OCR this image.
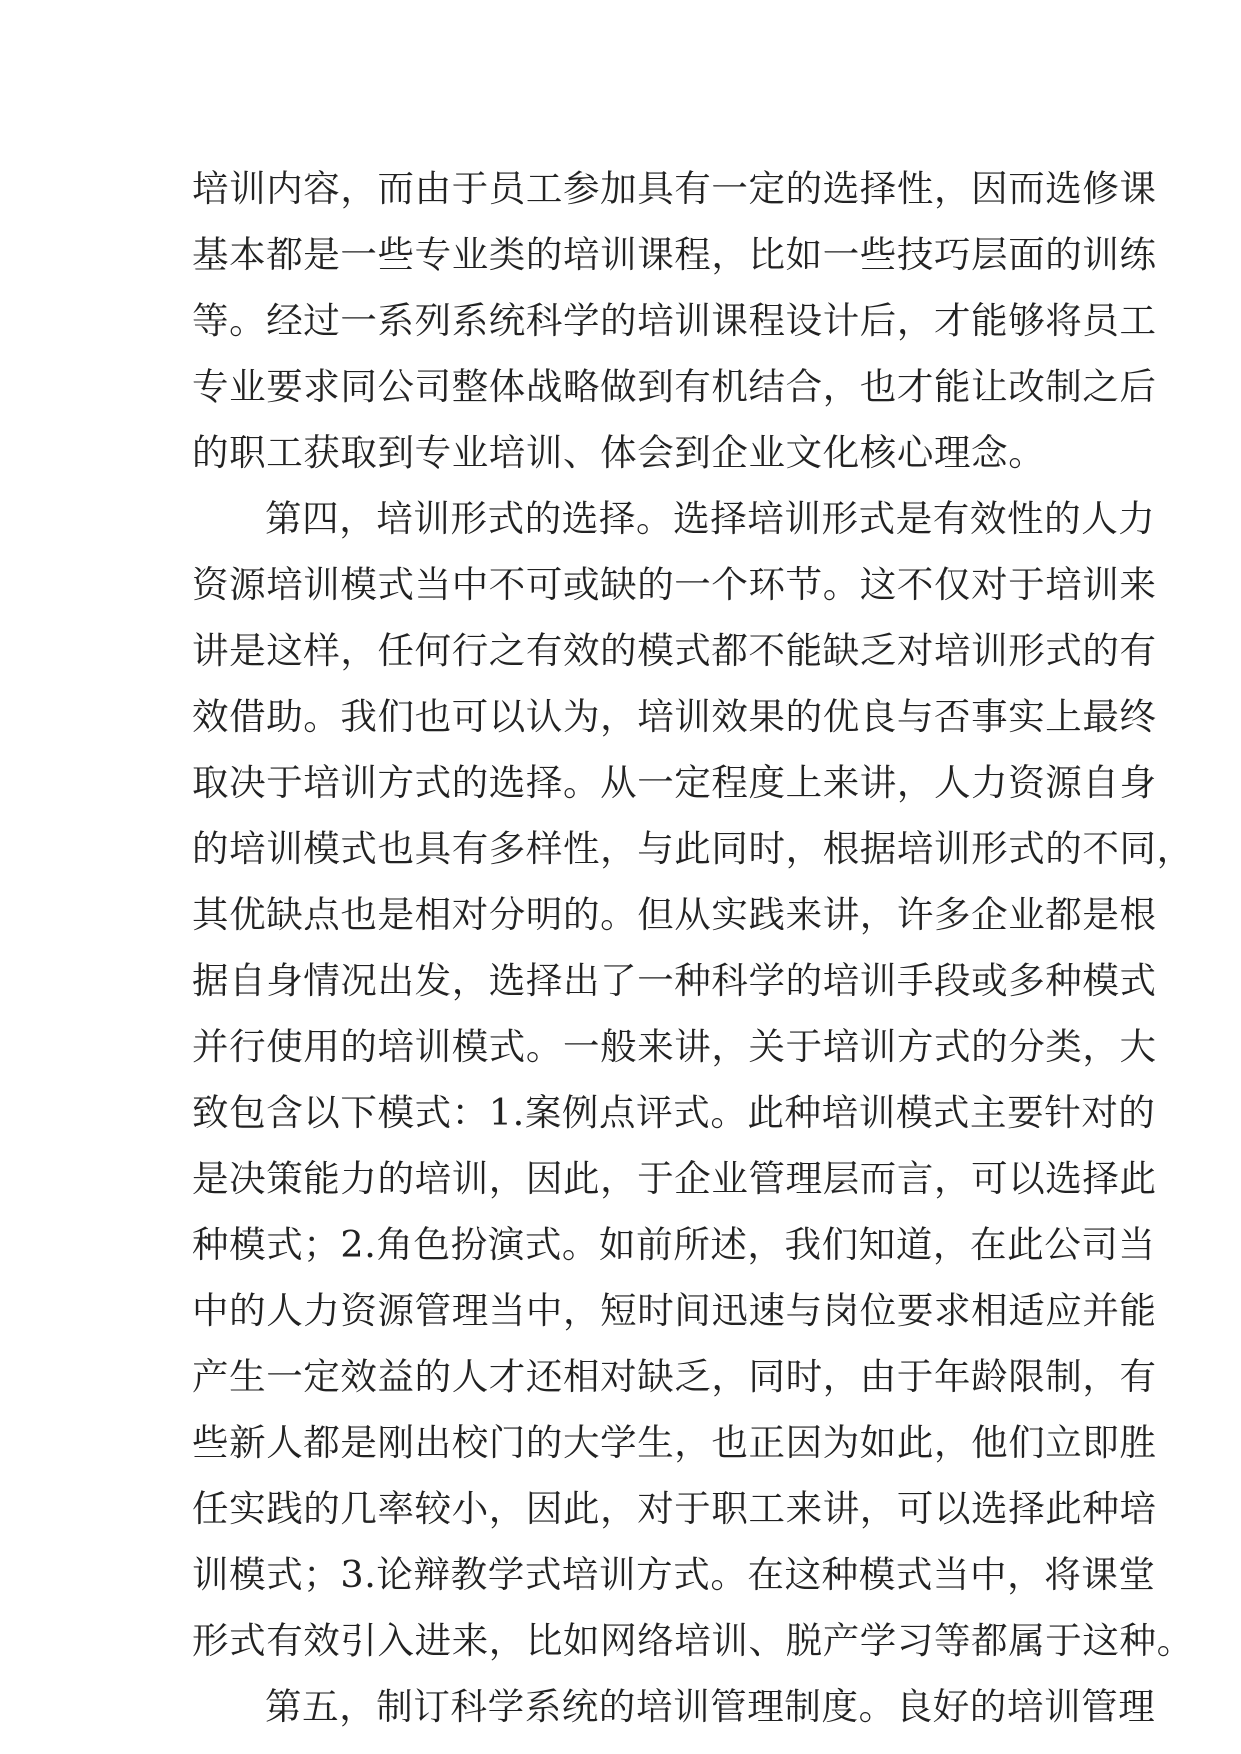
培训内容，而由于员工参加具有一定的选择性，因而选修课
基本都是一些专业类的培训课程，比如一些技巧层面的训练
等。经过一系列系统科学的培训课程设计后，才能够将员工
专业要求同公司整体战略做到有机结合，也才能让改制之后
的职工获取到专业培训、体会到企业文化核心理念。
第四，培训形式的选择。选择培训形式是有效性的人力
资源培训模式当中不可或缺的一个环节。这不仅对于培训来
讲是这样，任何行之有效的模式都不能缺乏对培训形式的有
效借助。我们也可以认为，培训效果的优良与否事实上最终
取决于培训方式的选择。从一定程度上来讲，人力资源自身
的培训模式也具有多样性，与此同时，根据培训形式的不同，
其优缺点也是相对分明的。但从实践来讲，许多企业都是根
据自身情况出发，选择出了一种科学的培训手段或多种模式
并行使用的培训模式。一般来讲，关于培训方式的分类，大
致包含以下模式：1.案例点评式。此种培训模式主要针对的
是决策能力的培训，因此，于企业管理层而言，可以选择此
种模式；2.角色扮演式。如前所述，我们知道，在此公司当
中的人力资源管理当中，短时间迅速与岗位要求相适应并能
产生一定效益的人才还相对缺乏，同时，由于年龄限制，有
些新人都是刚出校门的大学生，也正因为如此，他们立即胜
任实践的几率较小，因此，对于职工来讲，可以选择此种培
训模式；3.论辩教学式培训方式。在这种模式当中，将课堂
形式有效引入进来，比如网络培训、脱产学习等都属于这种。
第五，制订科学系统的培训管理制度。良好的培训管理
